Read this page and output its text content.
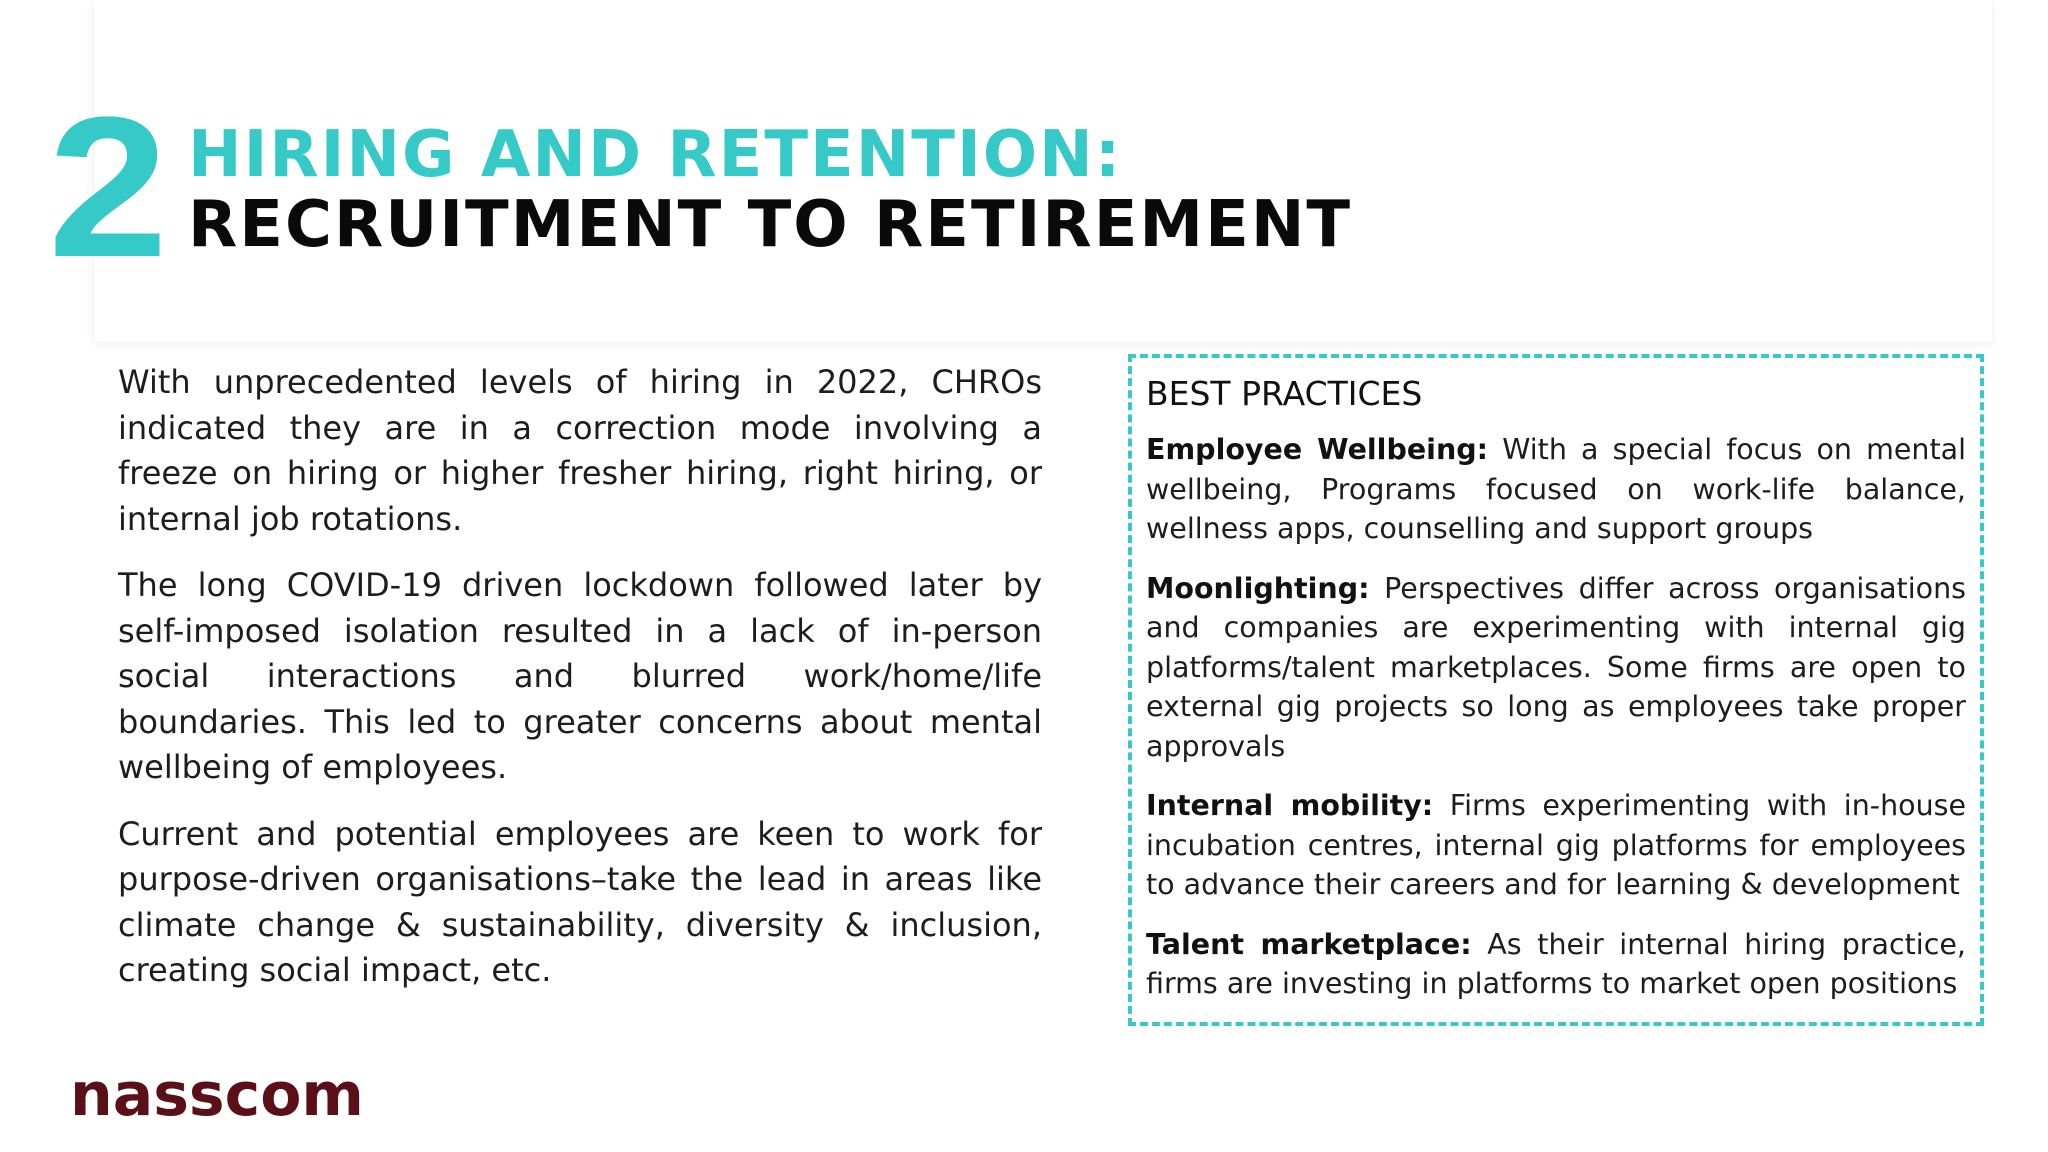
2 HIRING AND RETENTION:
RECRUITMENT TO RETIREMENT

With unprecedented levels of hiring in 2022, CHROs indicated they are in a correction mode involving a freeze on hiring or higher fresher hiring, right hiring, or internal job rotations.

The long COVID-19 driven lockdown followed later by self-imposed isolation resulted in a lack of in-person social interactions and blurred work/home/life boundaries. This led to greater concerns about mental wellbeing of employees.

Current and potential employees are keen to work for purpose-driven organisations–take the lead in areas like climate change & sustainability, diversity & inclusion, creating social impact, etc.

BEST PRACTICES
Employee Wellbeing: With a special focus on mental wellbeing, Programs focused on work-life balance, wellness apps, counselling and support groups
Moonlighting: Perspectives differ across organisations and companies are experimenting with internal gig platforms/talent marketplaces. Some firms are open to external gig projects so long as employees take proper approvals
Internal mobility: Firms experimenting with in-house incubation centres, internal gig platforms for employees to advance their careers and for learning & development
Talent marketplace: As their internal hiring practice, firms are investing in platforms to market open positions
nasscom
